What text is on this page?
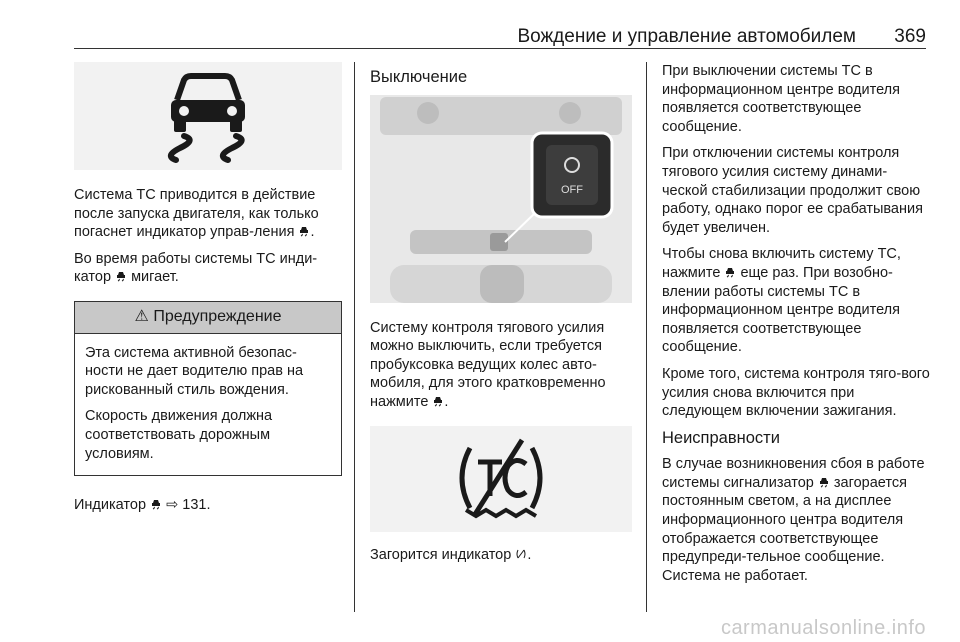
Вождение и управление автомобилем 369

Система TC приводится в действие после запуска двигателя, как только погаснет индикатор управ-ления .

Во время работы системы TC инди-катор мигает.

⚠ Предупреждение

Эта система активной безопас-ности не дает водителю прав на рискованный стиль вождения.

Скорость движения должна соответствовать дорожным условиям.

Индикатор ⇨ 131.

Выключение
OFF

Систему контроля тягового усилия можно выключить, если требуется пробуксовка ведущих колес авто-мобиля, для этого кратковременно нажмите .

Загорится индикатор .

При выключении системы TC в информационном центре водителя появляется соответствующее сообщение.

При отключении системы контроля тягового усилия систему динами-ческой стабилизации продолжит свою работу, однако порог ее срабатывания будет увеличен.

Чтобы снова включить систему TC, нажмите еще раз. При возобно-влении работы системы TC в информационном центре водителя появляется соответствующее сообщение.

Кроме того, система контроля тяго-вого усилия снова включится при следующем включении зажигания.

Неисправности

В случае возникновения сбоя в работе системы сигнализатор загорается постоянным светом, а на дисплее информационного центра водителя отображается соответствующее предупреди-тельное сообщение. Система не работает.

carmanualsonline.info
